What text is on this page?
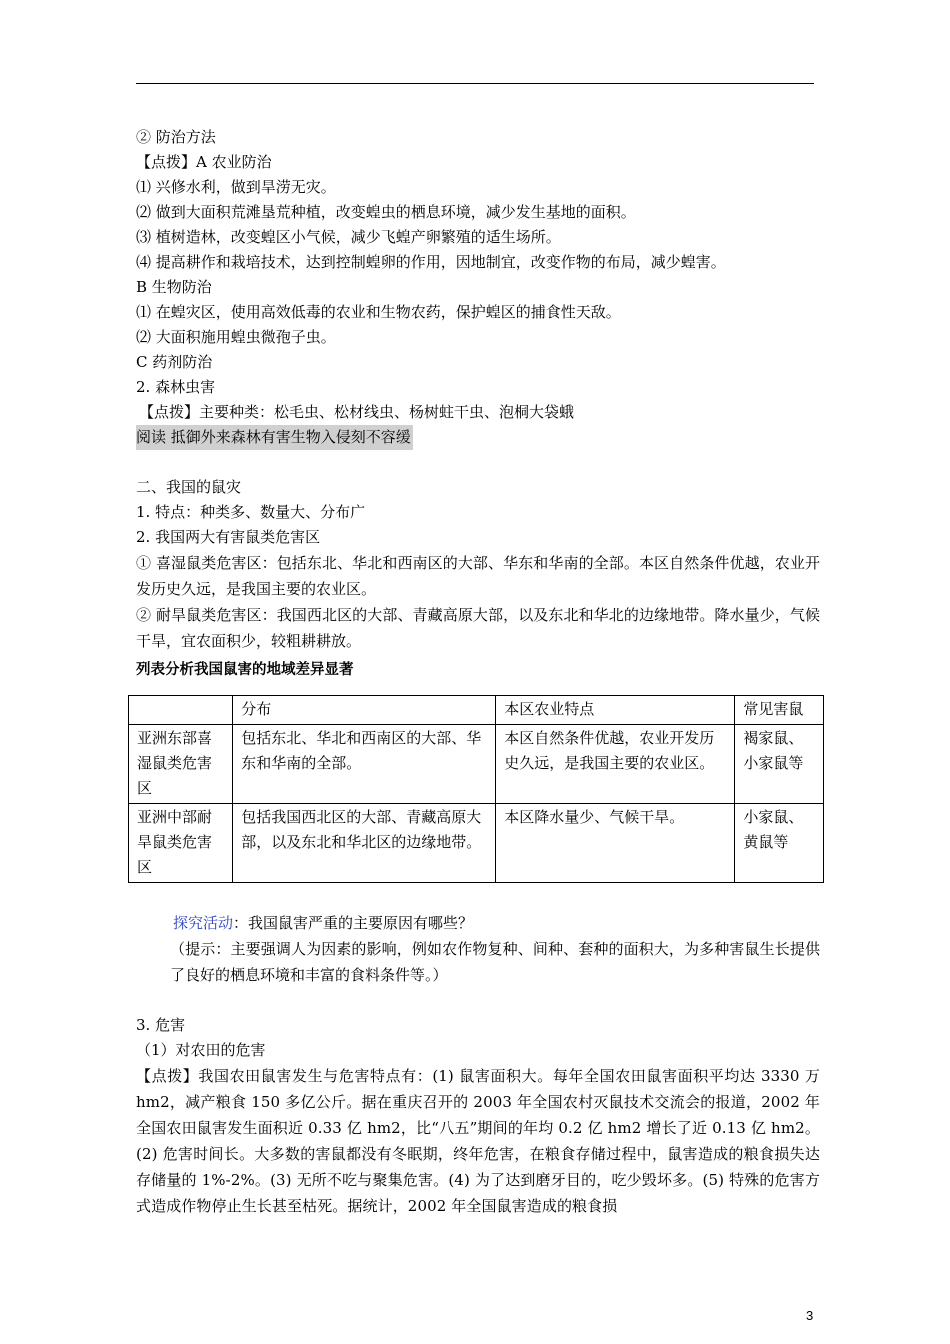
② 防治方法
【点拨】A 农业防治
⑴ 兴修水利，做到旱涝无灾。
⑵ 做到大面积荒滩垦荒种植，改变蝗虫的栖息环境，减少发生基地的面积。
⑶ 植树造林，改变蝗区小气候，减少飞蝗产卵繁殖的适生场所。
⑷ 提高耕作和栽培技术，达到控制蝗卵的作用，因地制宜，改变作物的布局，减少蝗害。
B 生物防治
⑴ 在蝗灾区，使用高效低毒的农业和生物农药，保护蝗区的捕食性天敌。
⑵ 大面积施用蝗虫微孢子虫。
C 药剂防治
2. 森林虫害
【点拨】主要种类：松毛虫、松材线虫、杨树蛀干虫、泡桐大袋蛾
阅读 抵御外来森林有害生物入侵刻不容缓
二、我国的鼠灾
1. 特点：种类多、数量大、分布广
2. 我国两大有害鼠类危害区
① 喜湿鼠类危害区：包括东北、华北和西南区的大部、华东和华南的全部。本区自然条件优越，农业开发历史久远，是我国主要的农业区。
② 耐旱鼠类危害区：我国西北区的大部、青藏高原大部，以及东北和华北的边缘地带。降水量少，气候干旱，宜农面积少，较粗耕耕放。
列表分析我国鼠害的地域差异显著
	分布	本区农业特点	常见害鼠
亚洲东部喜湿鼠类危害区	包括东北、华北和西南区的大部、华东和华南的全部。	本区自然条件优越，农业开发历史久远，是我国主要的农业区。	褐家鼠、小家鼠等
亚洲中部耐旱鼠类危害区	包括我国西北区的大部、青藏高原大部，以及东北和华北区的边缘地带。	本区降水量少、气候干旱。	小家鼠、黄鼠等
探究活动：我国鼠害严重的主要原因有哪些？
（提示：主要强调人为因素的影响，例如农作物复种、间种、套种的面积大，为多种害鼠生长提供了良好的栖息环境和丰富的食料条件等。）
3. 危害
（1）对农田的危害
【点拨】我国农田鼠害发生与危害特点有：(1) 鼠害面积大。每年全国农田鼠害面积平均达 3330 万 hm2，减产粮食 150 多亿公斤。据在重庆召开的 2003 年全国农村灭鼠技术交流会的报道，2002 年全国农田鼠害发生面积近 0.33 亿 hm2，比“八五”期间的年均 0.2 亿 hm2 增长了近 0.13 亿 hm2。(2) 危害时间长。大多数的害鼠都没有冬眠期，终年危害，在粮食存储过程中，鼠害造成的粮食损失达存储量的 1%-2%。(3) 无所不吃与聚集危害。(4) 为了达到磨牙目的，吃少毁坏多。(5) 特殊的危害方式造成作物停止生长甚至枯死。据统计，2002 年全国鼠害造成的粮食损
3
